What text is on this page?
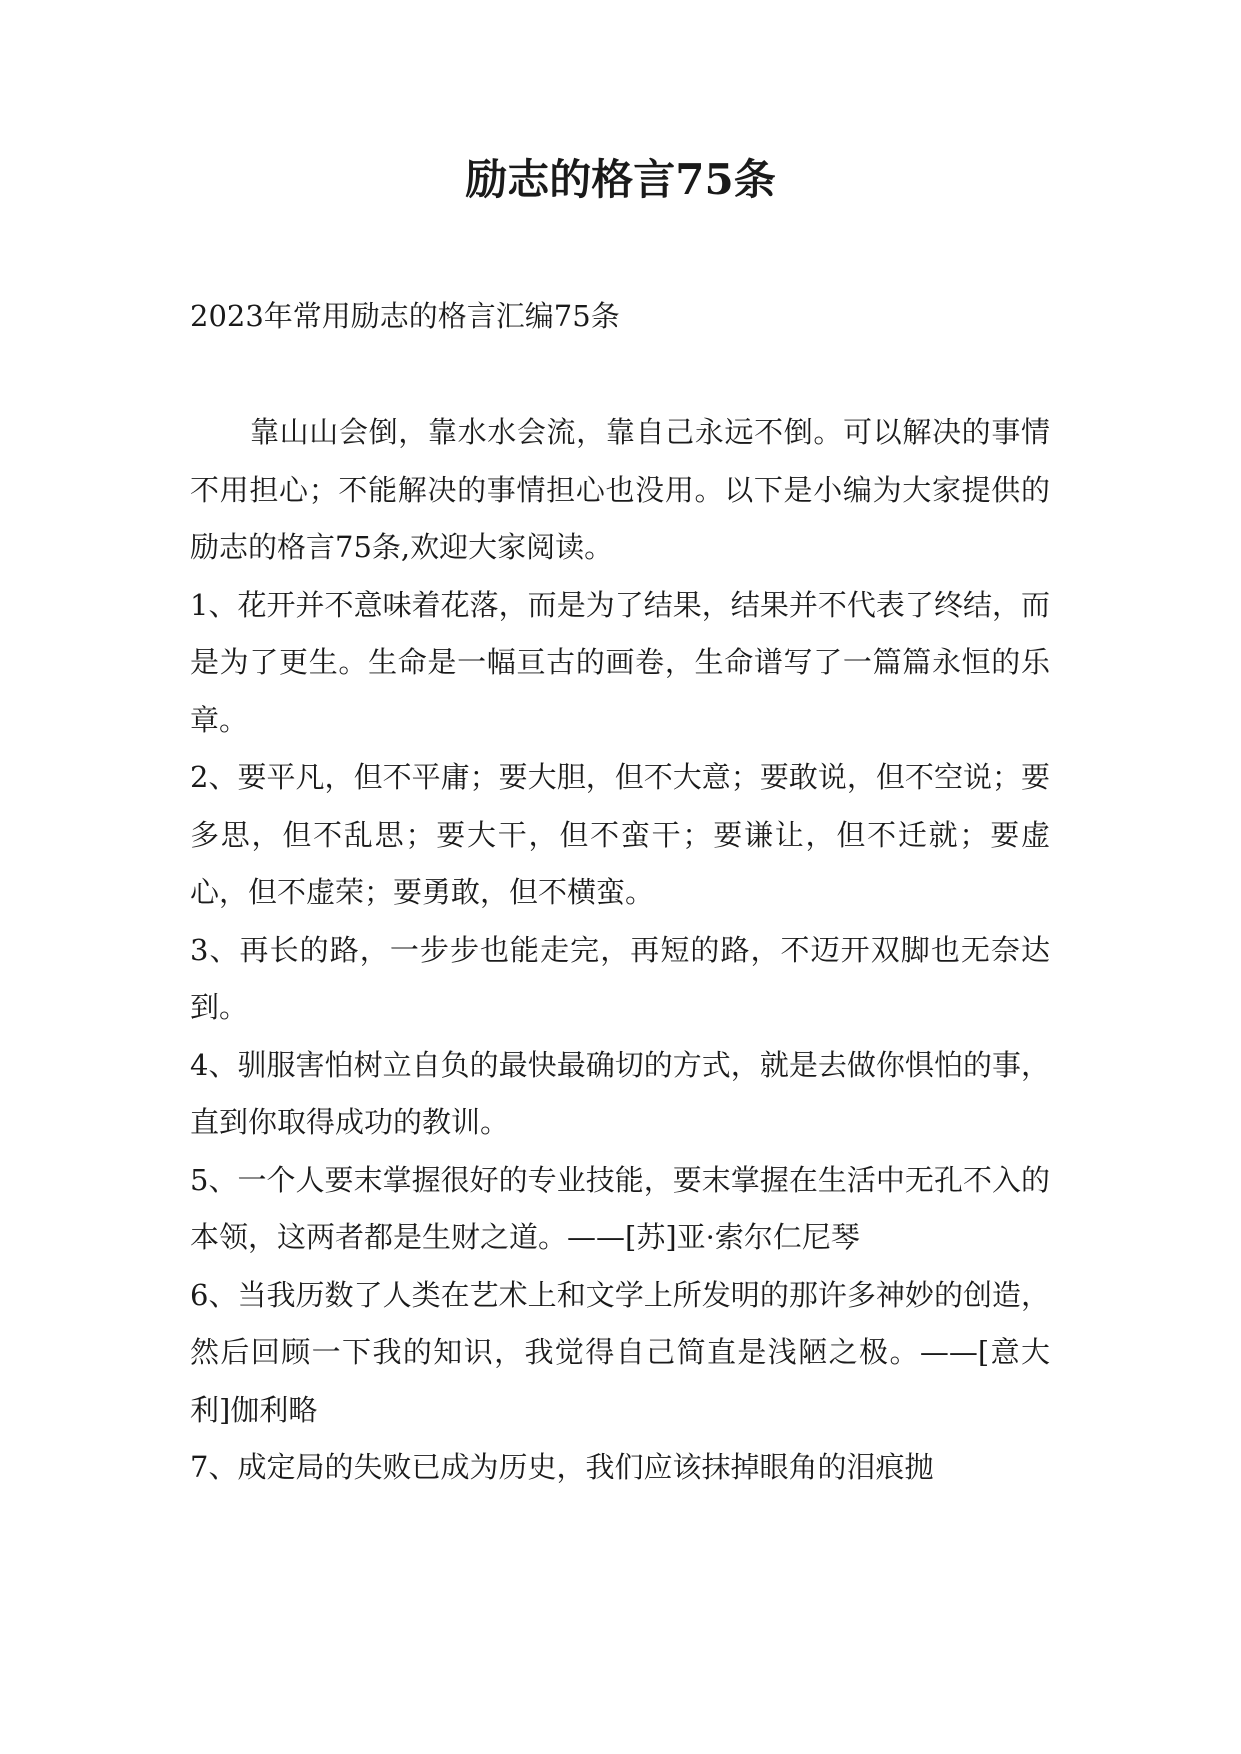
励志的格言75条
2023年常用励志的格言汇编75条

靠山山会倒，靠水水会流，靠自己永远不倒。可以解决的事情不用担心；不能解决的事情担心也没用。以下是小编为大家提供的励志的格言75条,欢迎大家阅读。

1、花开并不意味着花落，而是为了结果，结果并不代表了终结，而是为了更生。生命是一幅亘古的画卷，生命谱写了一篇篇永恒的乐章。

2、要平凡，但不平庸；要大胆，但不大意；要敢说，但不空说；要多思，但不乱思；要大干，但不蛮干；要谦让，但不迁就；要虚心，但不虚荣；要勇敢，但不横蛮。

3、再长的路，一步步也能走完，再短的路，不迈开双脚也无奈达到。

4、驯服害怕树立自负的最快最确切的方式，就是去做你惧怕的事，直到你取得成功的教训。

5、一个人要末掌握很好的专业技能，要末掌握在生活中无孔不入的本领，这两者都是生财之道。——[苏]亚·索尔仁尼琴

6、当我历数了人类在艺术上和文学上所发明的那许多神妙的创造，然后回顾一下我的知识，我觉得自己简直是浅陋之极。——[意大利]伽利略

7、成定局的失败已成为历史，我们应该抹掉眼角的泪痕抛
